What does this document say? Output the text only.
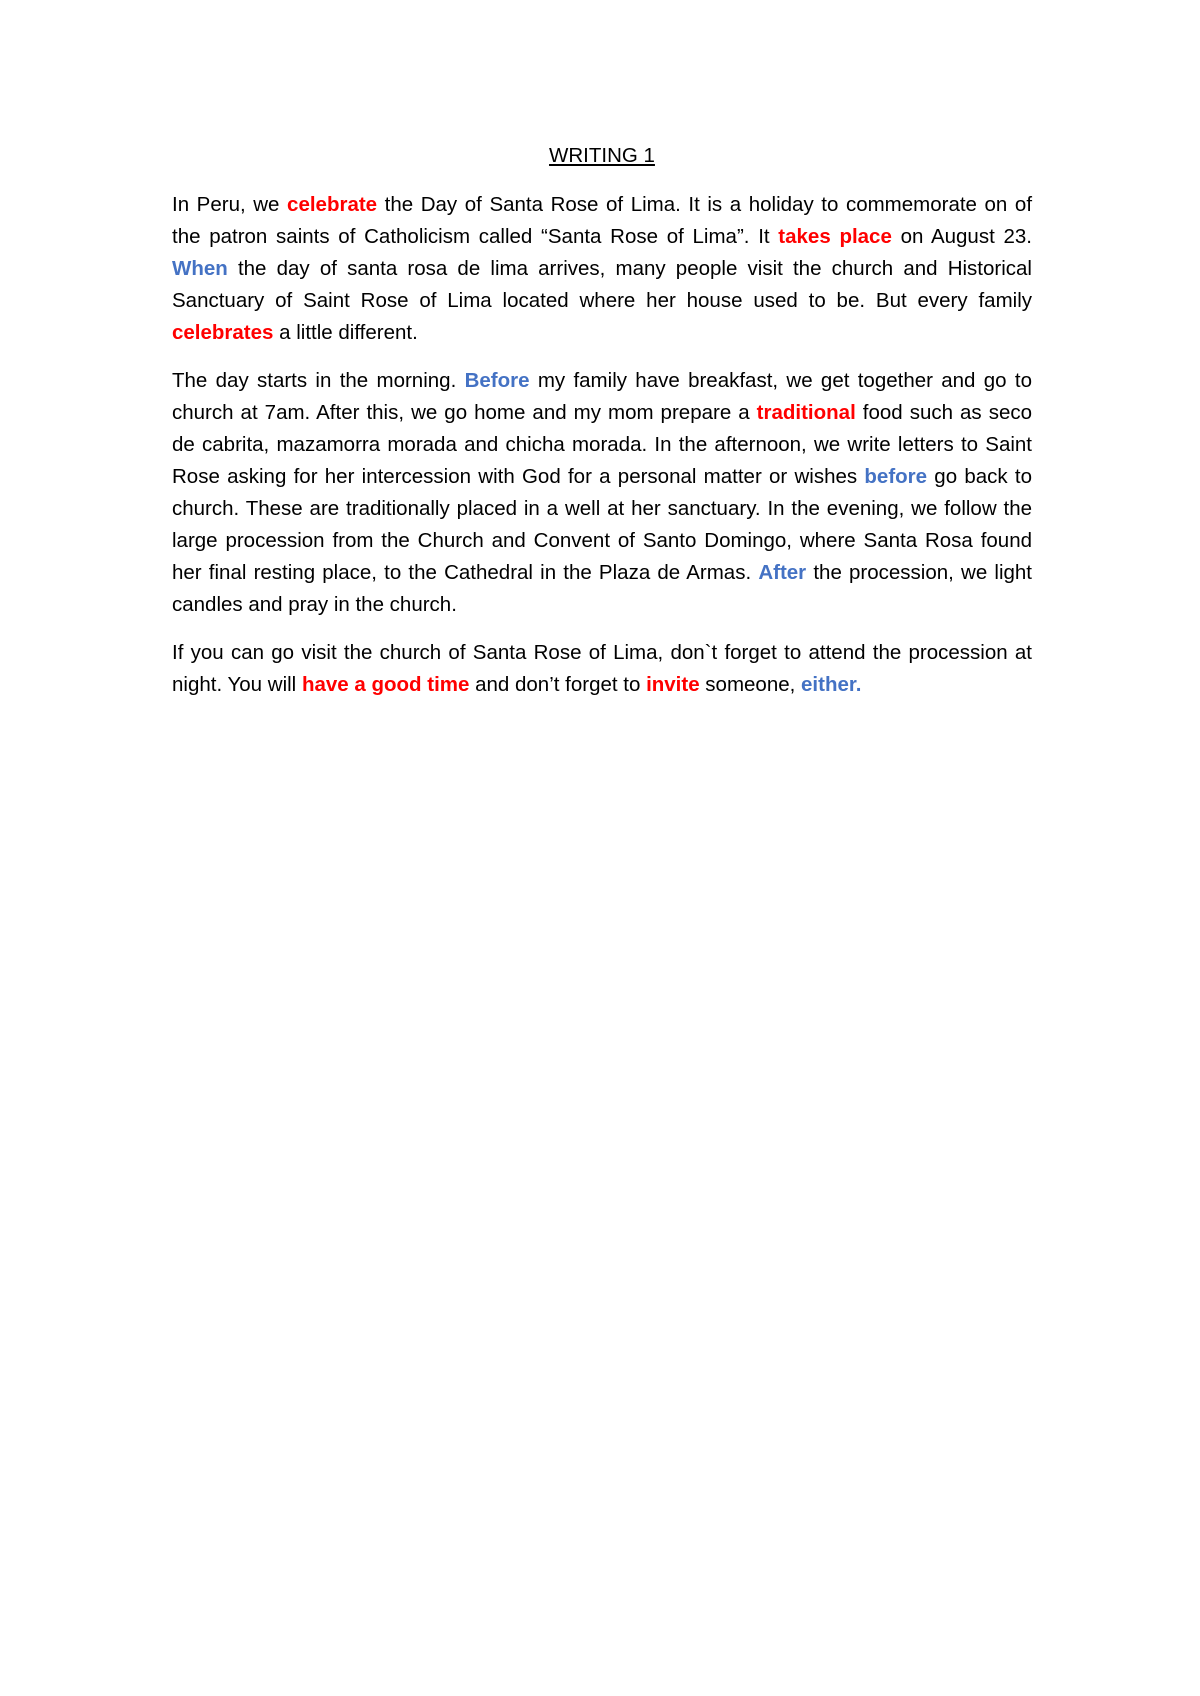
WRITING 1

In Peru, we celebrate the Day of Santa Rose of Lima. It is a holiday to commemorate on of the patron saints of Catholicism called “Santa Rose of Lima”. It takes place on August 23. When the day of santa rosa de lima arrives, many people visit the church and Historical Sanctuary of Saint Rose of Lima located where her house used to be. But every family celebrates a little different.

The day starts in the morning. Before my family have breakfast, we get together and go to church at 7am. After this, we go home and my mom prepare a traditional food such as seco de cabrita, mazamorra morada and chicha morada. In the afternoon, we write letters to Saint Rose asking for her intercession with God for a personal matter or wishes before go back to church. These are traditionally placed in a well at her sanctuary. In the evening, we follow the large procession from the Church and Convent of Santo Domingo, where Santa Rosa found her final resting place, to the Cathedral in the Plaza de Armas. After the procession, we light candles and pray in the church.

If you can go visit the church of Santa Rose of Lima, don`t forget to attend the procession at night. You will have a good time and don’t forget to invite someone, either.
